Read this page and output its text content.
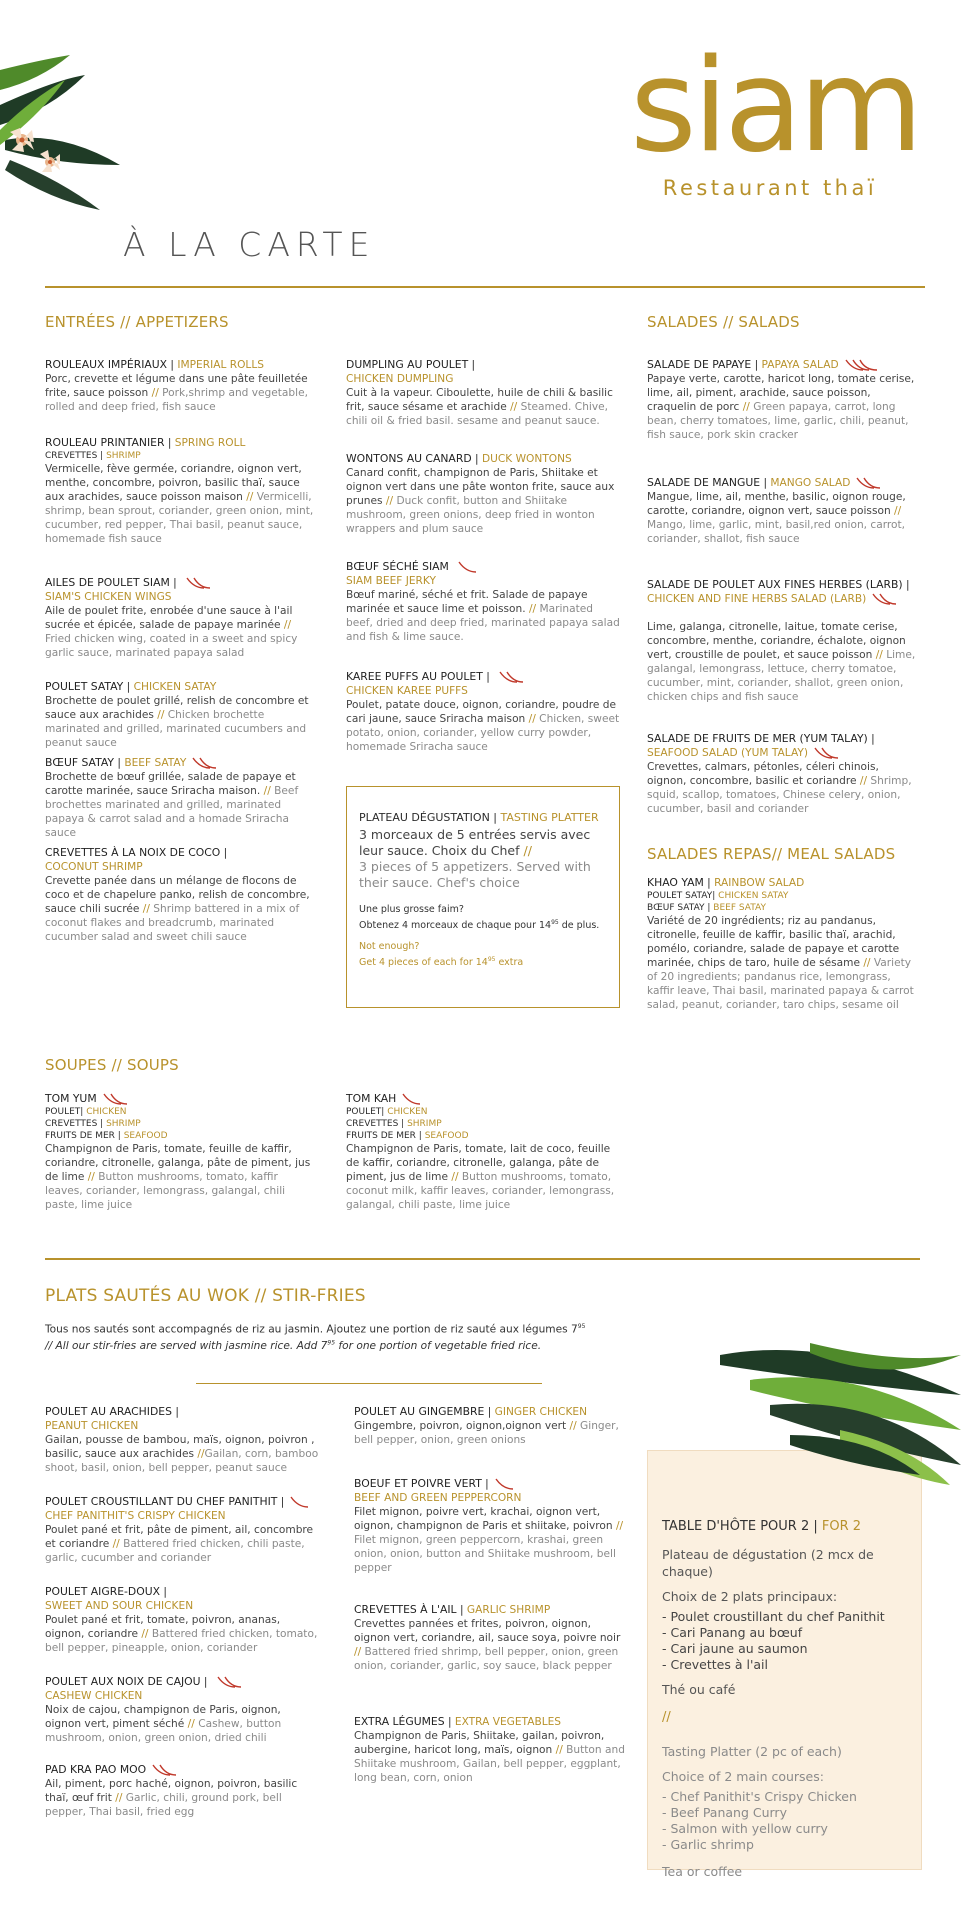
siam
Restaurant thaï
À LA CARTE
ENTRÉES // APPETIZERS
ROULEAUX IMPÉRIAUX | IMPERIAL ROLLS
Porc, crevette et légume dans une pâte feuilletée frite, sauce poisson // Pork,shrimp and vegetable, rolled and deep fried, fish sauce
ROULEAU PRINTANIER | SPRING ROLL
CREVETTES | SHRIMP
Vermicelle, fève germée, coriandre, oignon vert, menthe, concombre, poivron, basilic thaï, sauce aux arachides, sauce poisson maison // Vermicelli, shrimp, bean sprout, coriander, green onion, mint, cucumber, red pepper, Thai basil, peanut sauce, homemade fish sauce
AILES DE POULET SIAM |
SIAM'S CHICKEN WINGS
Aile de poulet frite, enrobée d'une sauce à l'ail sucrée et épicée, salade de papaye marinée // Fried chicken wing, coated in a sweet and spicy garlic sauce, marinated papaya salad
POULET SATAY | CHICKEN SATAY
Brochette de poulet grillé, relish de concombre et sauce aux arachides // Chicken brochette marinated and grilled, marinated cucumbers and peanut sauce
BŒUF SATAY | BEEF SATAY
Brochette de bœuf grillée, salade de papaye et carotte marinée, sauce Sriracha maison. // Beef brochettes marinated and grilled, marinated papaya & carrot salad and a homade Sriracha sauce
CREVETTES À LA NOIX DE COCO |
COCONUT SHRIMP
Crevette panée dans un mélange de flocons de coco et de chapelure panko, relish de concombre, sauce chili sucrée // Shrimp battered in a mix of coconut flakes and breadcrumb, marinated cucumber salad and sweet chili sauce
DUMPLING AU POULET |
CHICKEN DUMPLING
Cuit à la vapeur. Ciboulette, huile de chili & basilic frit, sauce sésame et arachide // Steamed. Chive, chili oil & fried basil. sesame and peanut sauce.
WONTONS AU CANARD | DUCK WONTONS
Canard confit, champignon de Paris, Shiitake et oignon vert dans une pâte wonton frite, sauce aux prunes // Duck confit, button and Shiitake mushroom, green onions, deep fried in wonton wrappers and plum sauce
BŒUF SÉCHÉ SIAM
SIAM BEEF JERKY
Bœuf mariné, séché et frit. Salade de papaye marinée et sauce lime et poisson. // Marinated beef, dried and deep fried, marinated papaya salad and fish & lime sauce.
KAREE PUFFS AU POULET |
CHICKEN KAREE PUFFS
Poulet, patate douce, oignon, coriandre, poudre de cari jaune, sauce Sriracha maison // Chicken, sweet potato, onion, coriander, yellow curry powder, homemade Sriracha sauce
PLATEAU DÉGUSTATION | TASTING PLATTER
3 morceaux de 5 entrées servis avec leur sauce. Choix du Chef //
3 pieces of 5 appetizers. Served with their sauce. Chef's choice
Une plus grosse faim?
Obtenez 4 morceaux de chaque pour $14^{95}$ de plus.
Not enough?
Get 4 pieces of each for $14^{95}$ extra
SALADES // SALADS
SALADE DE PAPAYE | PAPAYA SALAD
Papaye verte, carotte, haricot long, tomate cerise, lime, ail, piment, arachide, sauce poisson, craquelin de porc // Green papaya, carrot, long bean, cherry tomatoes, lime, garlic, chili, peanut, fish sauce, pork skin cracker
SALADE DE MANGUE | MANGO SALAD
Mangue, lime, ail, menthe, basilic, oignon rouge, carotte, coriandre, oignon vert, sauce poisson // Mango, lime, garlic, mint, basil,red onion, carrot, coriander, shallot, fish sauce
SALADE DE POULET AUX FINES HERBES (LARB) |
CHICKEN AND FINE HERBS SALAD (LARB)

Lime, galanga, citronelle, laitue, tomate cerise, concombre, menthe, coriandre, échalote, oignon vert, croustille de poulet, et sauce poisson // Lime, galangal, lemongrass, lettuce, cherry tomatoe, cucumber, mint, coriander, shallot, green onion, chicken chips and fish sauce
SALADE DE FRUITS DE MER (YUM TALAY) |
SEAFOOD SALAD (YUM TALAY)
Crevettes, calmars, pétonles, céleri chinois, oignon, concombre, basilic et coriandre // Shrimp, squid, scallop, tomatoes, Chinese celery, onion, cucumber, basil and coriander
SALADES REPAS// MEAL SALADS
KHAO YAM | RAINBOW SALAD
POULET SATAY| CHICKEN SATAY
BŒUF SATAY | BEEF SATAY
Variété de 20 ingrédients; riz au pandanus, citronelle, feuille de kaffir, basilic thaï, arachid, pomélo, coriandre, salade de papaye et carotte marinée, chips de taro, huile de sésame // Variety of 20 ingredients; pandanus rice, lemongrass, kaffir leave, Thai basil, marinated papaya & carrot salad, peanut, coriander, taro chips, sesame oil
SOUPES // SOUPS
TOM YUM
POULET| CHICKEN
CREVETTES | SHRIMP
FRUITS DE MER | SEAFOOD
Champignon de Paris, tomate, feuille de kaffir, coriandre, citronelle, galanga, pâte de piment, jus de lime // Button mushrooms, tomato, kaffir leaves, coriander, lemongrass, galangal, chili paste, lime juice
TOM KAH
POULET| CHICKEN
CREVETTES | SHRIMP
FRUITS DE MER | SEAFOOD
Champignon de Paris, tomate, lait de coco, feuille de kaffir, coriandre, citronelle, galanga, pâte de piment, jus de lime // Button mushrooms, tomato, coconut milk, kaffir leaves, coriander, lemongrass, galangal, chili paste, lime juice
PLATS SAUTÉS AU WOK // STIR-FRIES
Tous nos sautés sont accompagnés de riz au jasmin. Ajoutez une portion de riz sauté aux légumes $7^{95}$
// All our stir-fries are served with jasmine rice. Add $7^{95}$ for one portion of vegetable fried rice.
POULET AU ARACHIDES |
PEANUT CHICKEN
Gailan, pousse de bambou, maïs, oignon, poivron , basilic, sauce aux arachides //Gailan, corn, bamboo shoot, basil, onion, bell pepper, peanut sauce
POULET CROUSTILLANT DU CHEF PANITHIT |
CHEF PANITHIT'S CRISPY CHICKEN
Poulet pané et frit, pâte de piment, ail, concombre et coriandre // Battered fried chicken, chili paste, garlic, cucumber and coriander
POULET AIGRE-DOUX |
SWEET AND SOUR CHICKEN
Poulet pané et frit, tomate, poivron, ananas, oignon, coriandre // Battered fried chicken, tomato, bell pepper, pineapple, onion, coriander
POULET AUX NOIX DE CAJOU |
CASHEW CHICKEN
Noix de cajou, champignon de Paris, oignon, oignon vert, piment séché // Cashew, button mushroom, onion, green onion, dried chili
PAD KRA PAO MOO
Ail, piment, porc haché, oignon, poivron, basilic thaï, œuf frit // Garlic, chili, ground pork, bell pepper, Thai basil, fried egg
POULET AU GINGEMBRE | GINGER CHICKEN
Gingembre, poivron, oignon,oignon vert // Ginger, bell pepper, onion, green onions
BOEUF ET POIVRE VERT |
BEEF AND GREEN PEPPERCORN
Filet mignon, poivre vert, krachai, oignon vert, oignon, champignon de Paris et shiitake, poivron // Filet mignon, green peppercorn, krashai, green onion, onion, button and Shiitake mushroom, bell pepper
CREVETTES À L'AIL | GARLIC SHRIMP
Crevettes pannées et frites, poivron, oignon, oignon vert, coriandre, ail, sauce soya, poivre noir // Battered fried shrimp, bell pepper, onion, green onion, coriander, garlic, soy sauce, black pepper
EXTRA LÉGUMES | EXTRA VEGETABLES
Champignon de Paris, Shiitake, gailan, poivron, aubergine, haricot long, maïs, oignon // Button and Shiitake mushroom, Gailan, bell pepper, eggplant, long bean, corn, onion
TABLE D'HÔTE POUR 2 | FOR 2
Plateau de dégustation (2 mcx de chaque)
Choix de 2 plats principaux:
- Poulet croustillant du chef Panithit
- Cari Panang au bœuf
- Cari jaune au saumon
- Crevettes à l'ail
Thé ou café
//
Tasting Platter (2 pc of each)
Choice of 2 main courses:
- Chef Panithit's Crispy Chicken
- Beef Panang Curry
- Salmon with yellow curry
- Garlic shrimp
Tea or coffee
